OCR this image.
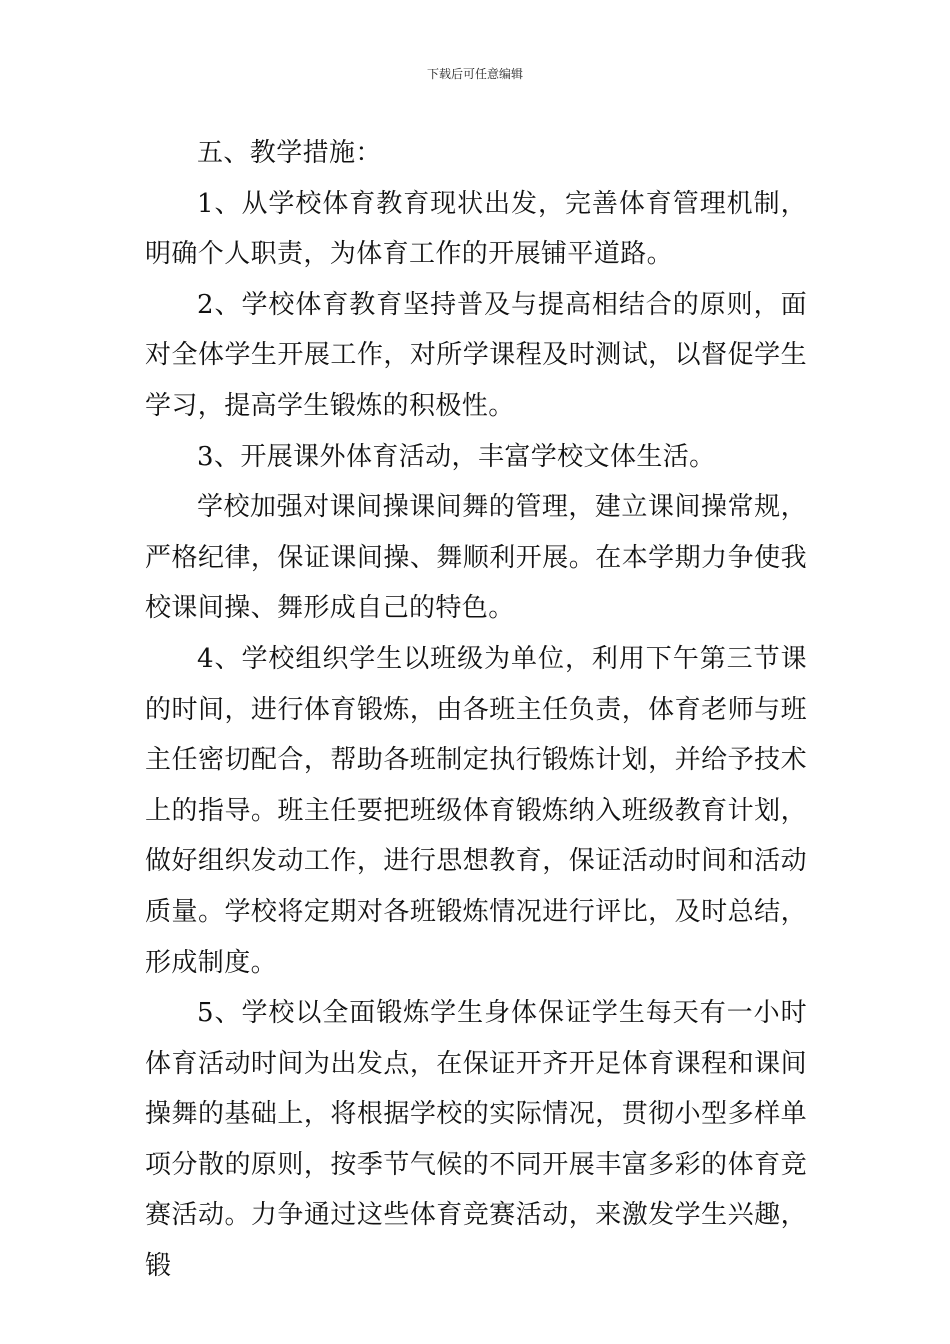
下载后可任意编辑

五、教学措施：

1、从学校体育教育现状出发，完善体育管理机制，明确个人职责，为体育工作的开展铺平道路。

2、学校体育教育坚持普及与提高相结合的原则，面对全体学生开展工作，对所学课程及时测试，以督促学生学习，提高学生锻炼的积极性。

3、开展课外体育活动，丰富学校文体生活。

学校加强对课间操课间舞的管理，建立课间操常规，严格纪律，保证课间操、舞顺利开展。在本学期力争使我校课间操、舞形成自己的特色。

4、学校组织学生以班级为单位，利用下午第三节课的时间，进行体育锻炼，由各班主任负责，体育老师与班主任密切配合，帮助各班制定执行锻炼计划，并给予技术上的指导。班主任要把班级体育锻炼纳入班级教育计划，做好组织发动工作，进行思想教育，保证活动时间和活动质量。学校将定期对各班锻炼情况进行评比，及时总结，形成制度。

5、学校以全面锻炼学生身体保证学生每天有一小时体育活动时间为出发点，在保证开齐开足体育课程和课间操舞的基础上，将根据学校的实际情况，贯彻小型多样单项分散的原则，按季节气候的不同开展丰富多彩的体育竞赛活动。力争通过这些体育竞赛活动，来激发学生兴趣，锻
